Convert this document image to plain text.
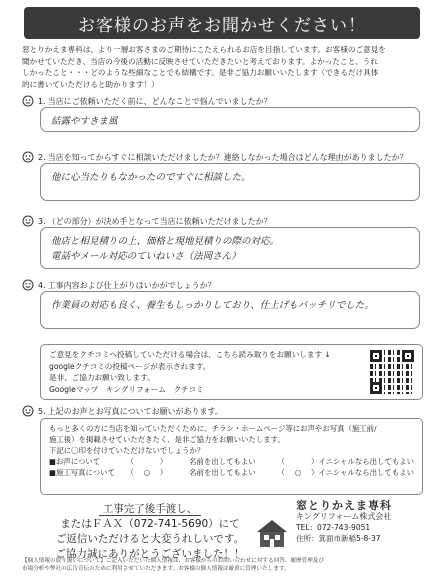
お客様のお声をお聞かせください！
窓とりかえま専科は、より一層お客さまのご期待にこたえられるお店を目指しています。お客様のご意見を
聞かせていただき、当店の今後の活動に反映させていただきたいと考えております。よかったこと、うれ
しかったこと・・・どのような些細なことでも結構です。是非ご協力お願いいたします（できるだけ具体
的に書いていただけると助かります！）
1. 当店にご依頼いただく前に、どんなことで悩んでいましたか？
結露やすきま風
2. 当店を知ってからすぐに相談いただけましたか？連絡しなかった場合はどんな理由がありましたか？
他に心当たりもなかったのですぐに相談した。
3. （どの部分）が決め手となって当店に依頼いただけましたか？
他店と相見積りの上、価格と現地見積りの際の対応。
電話やメール対応のていねいさ（法岡さん）
4. 工事内容および仕上がりはいかがでしょうか？
作業員の対応も良く、養生もしっかりしており、仕上げもバッチリでした。
ご意見をクチコミへ投稿していただける場合は、こちら読み取りをお願いします ↓
googleクチコミの投稿ページが表示されます。
是非、ご協力お願い致します。
Googleマップ　キングリフォーム　クチコミ
5. 上記のお声とお写真についてお願いがあります。
もっと多くの方に当店を知っていただくために、チラシ・ホームページ等にお声やお写真（施工前/
施工後）を掲載させていただきたく、是非ご協力をお願いいたします。
下記に〇印を付けていただけないでしょうか？
■お声について	（	）	名前を出してもよい	（	） イニシャルなら出してもよい
■施工写真について	（ ○ ）	名前を出してもよい	（ ○ ） イニシャルなら出してもよい
工事完了後手渡し、
またはＦＡＸ（072-741-5690）にて
ご返信いただけると大変うれしいです。
ご協力誠にありがとうございました！！
窓とりかえま専科
キングリフォーム株式会社
TEL：072-743-9051
住所：箕面市新稲5-8-37
【個人情報の取り扱いについて】ご記入いただいた個人情報は、お客様からのお問い合わせに対する回答、履歴管理及び
市場分析や弊社の広告宣伝のために利用させていただきます。お客様の個人情報は厳重に管理いたします。
